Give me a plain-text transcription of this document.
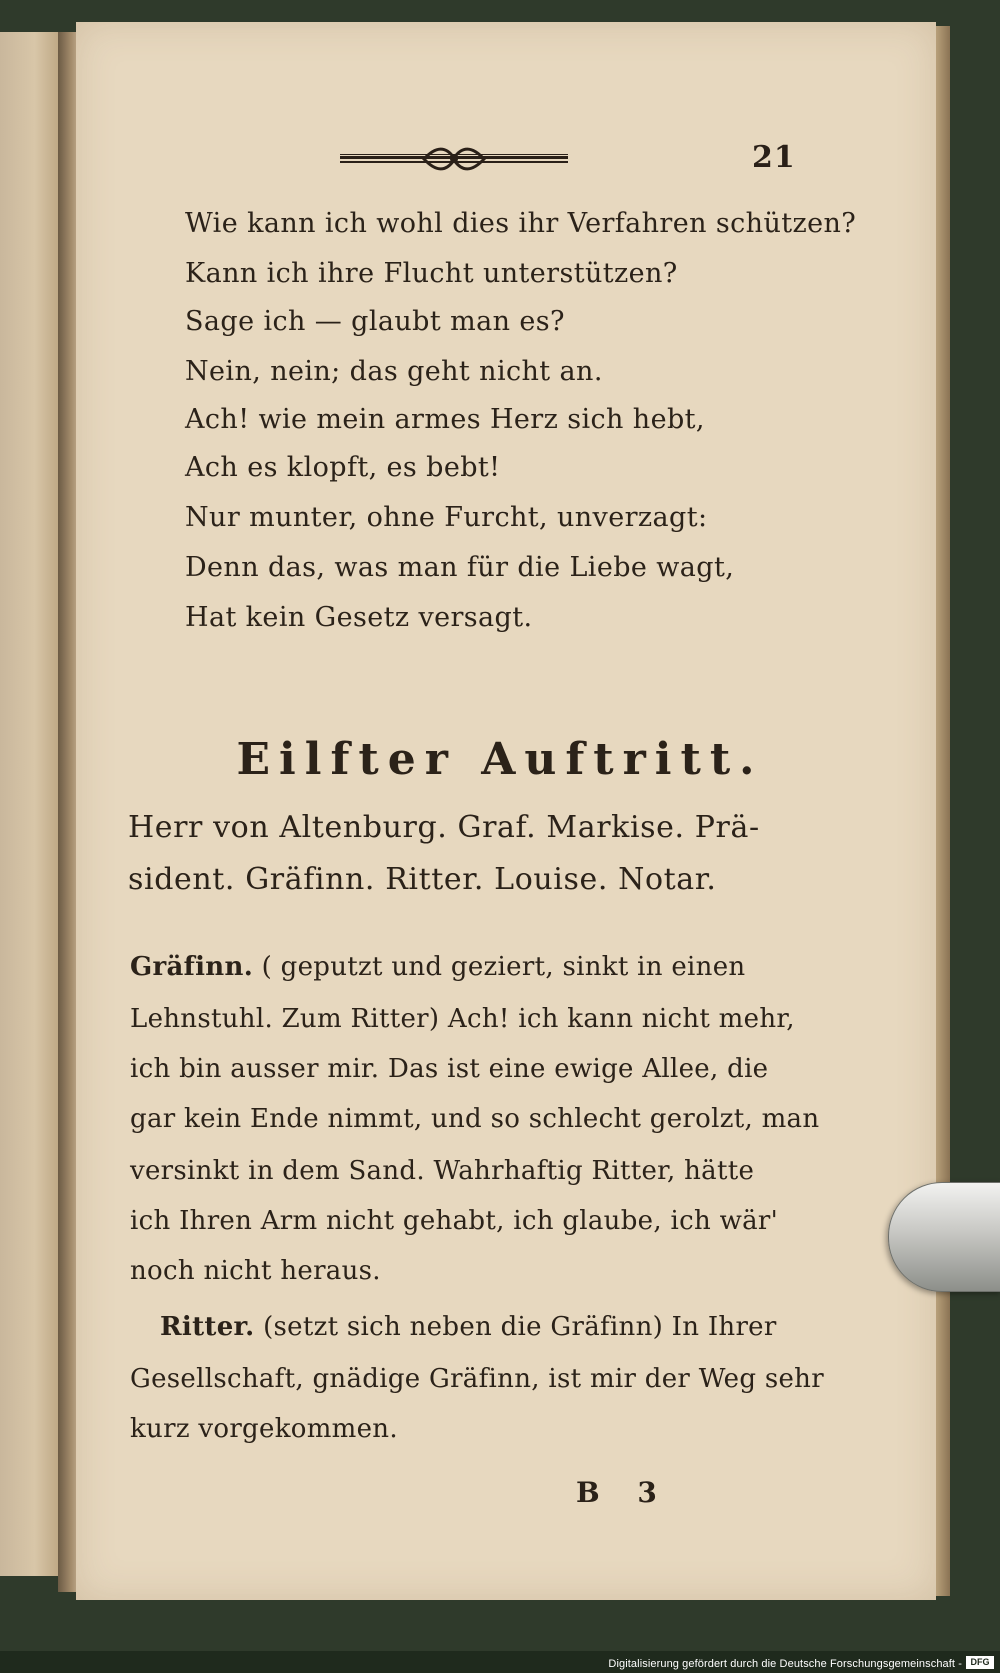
21
Wie kann ich wohl dies ihr Verfahren schützen?
Kann ich ihre Flucht unterstützen?
Sage ich — glaubt man es?
Nein, nein; das geht nicht an.
Ach! wie mein armes Herz sich hebt,
Ach es klopft, es bebt!
Nur munter, ohne Furcht, unverzagt:
Denn das, was man für die Liebe wagt,
Hat kein Gesetz versagt.
Eilfter Auftritt.
Herr von Altenburg. Graf. Markise. Prä-
sident. Gräfinn. Ritter. Louise. Notar.
Gräfinn. ( geputzt und geziert, sinkt in einen
Lehnstuhl. Zum Ritter) Ach! ich kann nicht mehr,
ich bin ausser mir. Das ist eine ewige Allee, die
gar kein Ende nimmt, und so schlecht gerolzt, man
versinkt in dem Sand. Wahrhaftig Ritter, hätte
ich Ihren Arm nicht gehabt, ich glaube, ich wär'
noch nicht heraus.
Ritter. (setzt sich neben die Gräfinn) In Ihrer
Gesellschaft, gnädige Gräfinn, ist mir der Weg sehr
kurz vorgekommen.
B 3
Digitalisierung gefördert durch die Deutsche Forschungsgemeinschaft - DFG
